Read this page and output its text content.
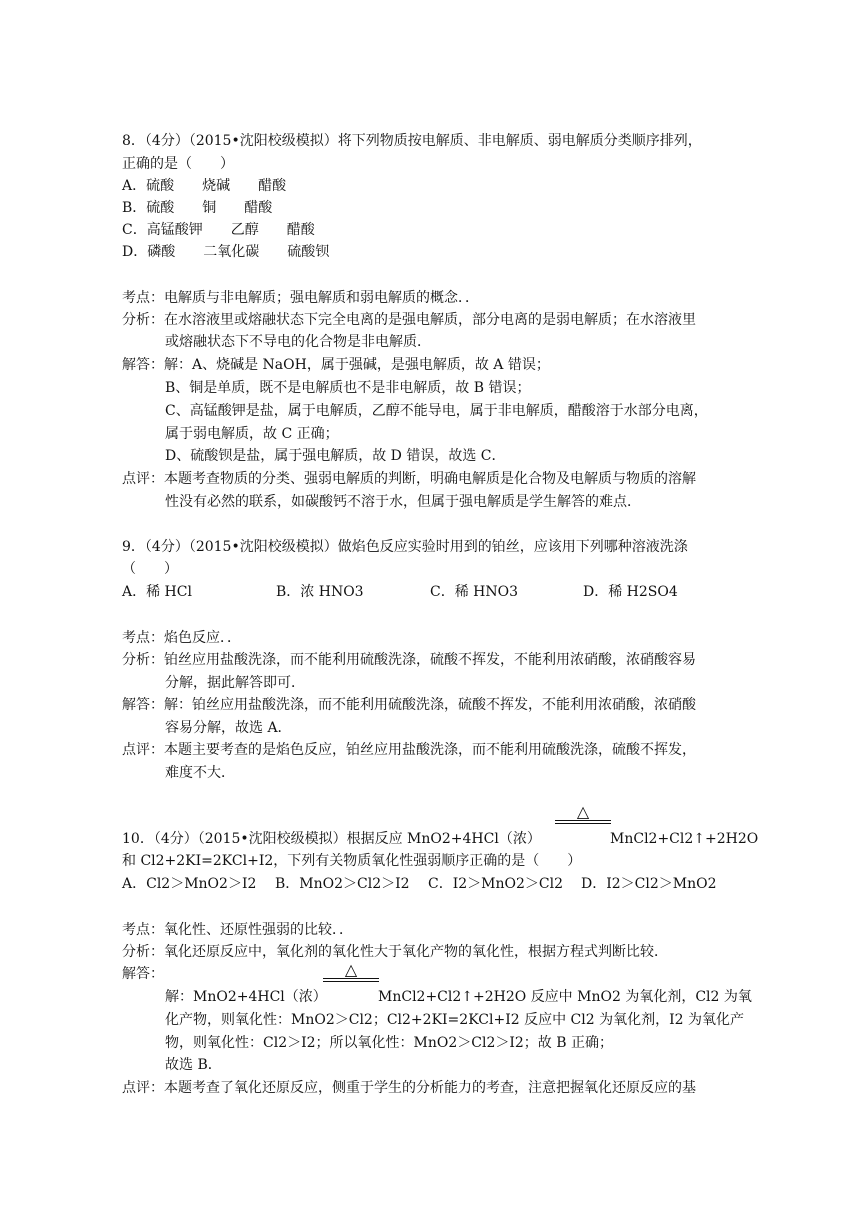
8．（4分）（2015•沈阳校级模拟）将下列物质按电解质、非电解质、弱电解质分类顺序排列，
正确的是（　　）
A．硫酸 烧碱 醋酸
B．硫酸 铜 醋酸
C．高锰酸钾 乙醇 醋酸
D．磷酸 二氧化碳 硫酸钡
考点：电解质与非电解质；强电解质和弱电解质的概念．．
分析：在水溶液里或熔融状态下完全电离的是强电解质，部分电离的是弱电解质；在水溶液里
或熔融状态下不导电的化合物是非电解质．
解答：解：A、烧碱是 NaOH，属于强碱，是强电解质，故 A 错误；
B、铜是单质，既不是电解质也不是非电解质，故 B 错误；
C、高锰酸钾是盐，属于电解质，乙醇不能导电，属于非电解质，醋酸溶于水部分电离，
属于弱电解质，故 C 正确；
D、硫酸钡是盐，属于强电解质，故 D 错误，故选 C．
点评：本题考查物质的分类、强弱电解质的判断，明确电解质是化合物及电解质与物质的溶解
性没有必然的联系，如碳酸钙不溶于水，但属于强电解质是学生解答的难点．
9．（4分）（2015•沈阳校级模拟）做焰色反应实验时用到的铂丝，应该用下列哪种溶液洗涤
（　　）
A．稀 HCl	B．浓 HNO3	C．稀 HNO3	D．稀 H2SO4
考点：焰色反应．．
分析：铂丝应用盐酸洗涤，而不能利用硫酸洗涤，硫酸不挥发，不能利用浓硝酸，浓硝酸容易
分解，据此解答即可．
解答：解：铂丝应用盐酸洗涤，而不能利用硫酸洗涤，硫酸不挥发，不能利用浓硝酸，浓硝酸
容易分解，故选 A．
点评：本题主要考查的是焰色反应，铂丝应用盐酸洗涤，而不能利用硫酸洗涤，硫酸不挥发，
难度不大．
△
10．（4分）（2015•沈阳校级模拟）根据反应 MnO2+4HCl（浓）	MnCl2+Cl2↑+2H2O
和 Cl2+2KI=2KCl+I2，下列有关物质氧化性强弱顺序正确的是（　　）
A．Cl2＞MnO2＞I2 B．MnO2＞Cl2＞I2 C．I2＞MnO2＞Cl2 D．I2＞Cl2＞MnO2
考点：氧化性、还原性强弱的比较．．
分析：氧化还原反应中，氧化剂的氧化性大于氧化产物的氧化性，根据方程式判断比较．
解答：	△
解：MnO2+4HCl（浓）	MnCl2+Cl2↑+2H2O 反应中 MnO2 为氧化剂，Cl2 为氧
化产物，则氧化性：MnO2＞Cl2；Cl2+2KI=2KCl+I2 反应中 Cl2 为氧化剂，I2 为氧化产
物，则氧化性：Cl2＞I2；所以氧化性：MnO2＞Cl2＞I2；故 B 正确；
故选 B．
点评：本题考查了氧化还原反应，侧重于学生的分析能力的考查，注意把握氧化还原反应的基
